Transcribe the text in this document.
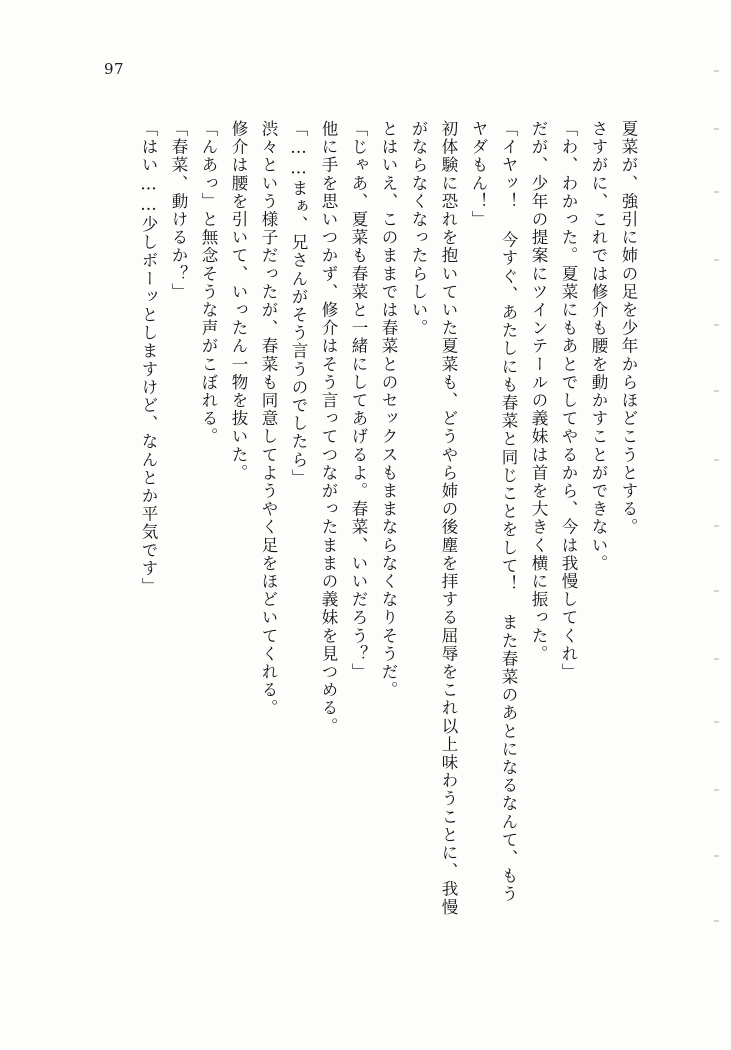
97

夏菜が、強引に姉の足を少年からほどこうとする。

さすがに、これでは修介も腰を動かすことができない。

「わ、わかった。夏菜にもあとでしてやるから、今は我慢してくれ」

だが、少年の提案にツインテールの義妹は首を大きく横に振った。

「イヤッ！ 今すぐ、あたしにも春菜と同じことをして！ また春菜のあとになるなんて、もうヤダもん！」

初体験に恐れを抱いていた夏菜も、どうやら姉の後塵を拝する屈辱をこれ以上味わうことに、我慢がならなくなったらしい。

とはいえ、このままでは春菜とのセックスもままならなくなりそうだ。

「じゃあ、夏菜も春菜と一緒にしてあげるよ。春菜、いいだろう？」

他に手を思いつかず、修介はそう言ってつながったままの義妹を見つめる。

「……まぁ、兄さんがそう言うのでしたら」

渋々という様子だったが、春菜も同意してようやく足をほどいてくれる。

修介は腰を引いて、いったん一物を抜いた。

「んあっ」と無念そうな声がこぼれる。

「春菜、動けるか？」

「はい……少しボーッとしますけど、なんとか平気です」
